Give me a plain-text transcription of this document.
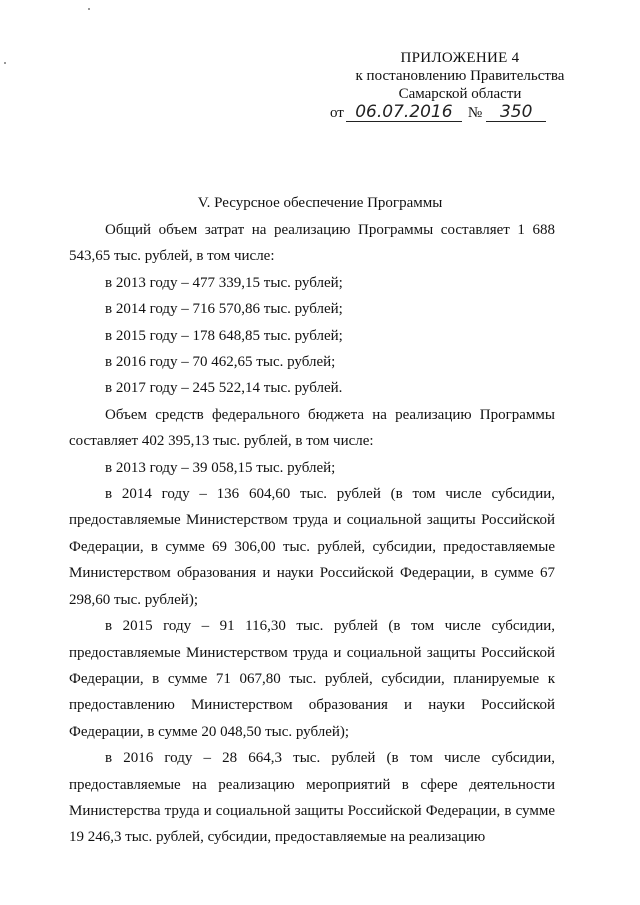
ПРИЛОЖЕНИЕ 4
к постановлению Правительства
Самарской области
от 06.07.2016 № 350
V. Ресурсное обеспечение Программы

Общий объем затрат на реализацию Программы составляет 1 688 543,65 тыс. рублей, в том числе:

в 2013 году – 477 339,15 тыс. рублей;

в 2014 году – 716 570,86 тыс. рублей;

в 2015 году – 178 648,85 тыс. рублей;

в 2016 году – 70 462,65 тыс. рублей;

в 2017 году – 245 522,14 тыс. рублей.

Объем средств федерального бюджета на реализацию Программы составляет 402 395,13 тыс. рублей, в том числе:

в 2013 году – 39 058,15 тыс. рублей;

в 2014 году – 136 604,60 тыс. рублей (в том числе субсидии, предоставляемые Министерством труда и социальной защиты Российской Федерации, в сумме 69 306,00 тыс. рублей, субсидии, предоставляемые Министерством образования и науки Российской Федерации, в сумме 67 298,60 тыс. рублей);

в 2015 году – 91 116,30 тыс. рублей (в том числе субсидии, предоставляемые Министерством труда и социальной защиты Российской Федерации, в сумме 71 067,80 тыс. рублей, субсидии, планируемые к предоставлению Министерством образования и науки Российской Федерации, в сумме 20 048,50 тыс. рублей);

в 2016 году – 28 664,3 тыс. рублей (в том числе субсидии, предоставляемые на реализацию мероприятий в сфере деятельности Министерства труда и социальной защиты Российской Федерации, в сумме 19 246,3 тыс. рублей, субсидии, предоставляемые на реализацию
